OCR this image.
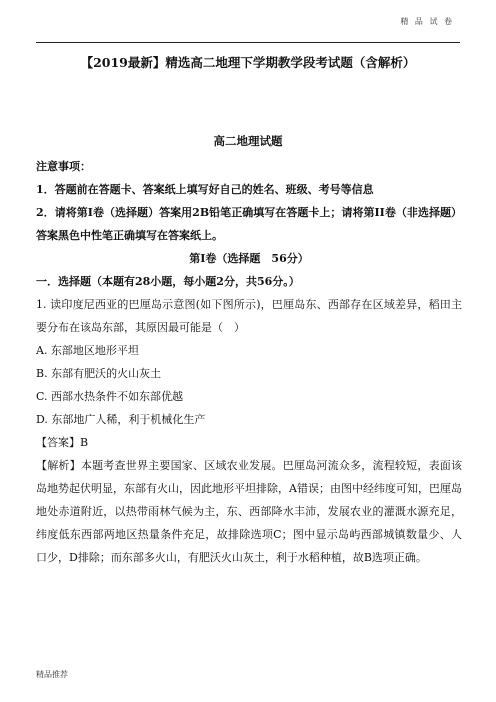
精 品 试 卷
【2019最新】精选高二地理下学期教学段考试题（含解析）
高二地理试题

注意事项：

1．答题前在答题卡、答案纸上填写好自己的姓名、班级、考号等信息

2．请将第Ⅰ卷（选择题）答案用2B铅笔正确填写在答题卡上；请将第II卷（非选择题）答案黑色中性笔正确填写在答案纸上。

第Ⅰ卷（选择题　56分）

一．选择题（本题有28小题，每小题2分，共56分。）

1. 读印度尼西亚的巴厘岛示意图(如下图所示)，巴厘岛东、西部存在区域差异，稻田主要分布在该岛东部，其原因最可能是（　）

A. 东部地区地形平坦

B. 东部有肥沃的火山灰土

C. 西部水热条件不如东部优越

D. 东部地广人稀，利于机械化生产

【答案】B

【解析】本题考查世界主要国家、区域农业发展。巴厘岛河流众多，流程较短，表面该岛地势起伏明显，东部有火山，因此地形平坦排除，A错误；由图中经纬度可知，巴厘岛地处赤道附近，以热带雨林气候为主，东、西部降水丰沛，发展农业的灌溉水源充足，纬度低东西部两地区热量条件充足，故排除选项C；图中显示岛屿西部城镇数量少、人口少，D排除；而东部多火山，有肥沃火山灰土，利于水稻种植，故B选项正确。

精品推荐
